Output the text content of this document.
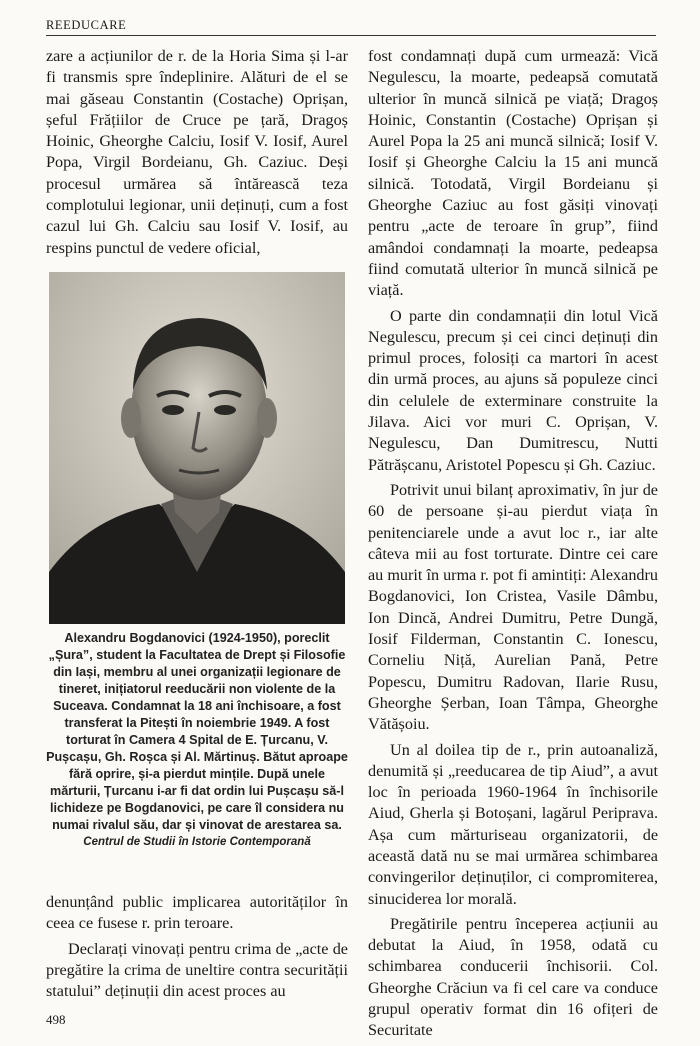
REEDUCARE

zare a acțiunilor de r. de la Horia Sima și l-ar fi transmis spre îndeplinire. Alături de el se mai găseau Constantin (Costache) Oprișan, șeful Frățiilor de Cruce pe țară, Dragoș Hoinic, Gheorghe Calciu, Iosif V. Iosif, Aurel Popa, Virgil Bordeianu, Gh. Caziuc. Deși procesul urmărea să întărească teza complotului legionar, unii deținuți, cum a fost cazul lui Gh. Calciu sau Iosif V. Iosif, au respins punctul de vedere oficial,

Alexandru Bogdanovici (1924-1950), poreclit „Șura”, student la Facultatea de Drept și Filosofie din Iași, membru al unei organizații legionare de tineret, inițiatorul reeducării non violente de la Suceava. Condamnat la 18 ani închisoare, a fost transferat la Pitești în noiembrie 1949. A fost torturat în Camera 4 Spital de E. Țurcanu, V. Pușcașu, Gh. Roșca și Al. Mărtinuș. Bătut aproape fără oprire, și-a pierdut mințile. După unele mărturii, Țurcanu i-ar fi dat ordin lui Pușcașu să-l lichideze pe Bogdanovici, pe care îl considera nu numai rivalul său, dar și vinovat de arestarea sa.
Centrul de Studii în Istorie Contemporană

denunțând public implicarea autorităților în ceea ce fusese r. prin teroare.

Declarați vinovați pentru crima de „acte de pregătire la crima de uneltire contra securității statului” deținuții din acest proces au

fost condamnați după cum urmează: Vică Negulescu, la moarte, pedeapsă comutată ulterior în muncă silnică pe viață; Dragoș Hoinic, Constantin (Costache) Oprișan și Aurel Popa la 25 ani muncă silnică; Iosif V. Iosif și Gheorghe Calciu la 15 ani muncă silnică. Totodată, Virgil Bordeianu și Gheorghe Caziuc au fost găsiți vinovați pentru „acte de teroare în grup”, fiind amândoi condamnați la moarte, pedeapsa fiind comutată ulterior în muncă silnică pe viață.

O parte din condamnații din lotul Vică Negulescu, precum și cei cinci deținuți din primul proces, folosiți ca martori în acest din urmă proces, au ajuns să populeze cinci din celulele de exterminare construite la Jilava. Aici vor muri C. Oprișan, V. Negulescu, Dan Dumitrescu, Nutti Pătrășcanu, Aristotel Popescu și Gh. Caziuc.

Potrivit unui bilanț aproximativ, în jur de 60 de persoane și-au pierdut viața în penitenciarele unde a avut loc r., iar alte câteva mii au fost torturate. Dintre cei care au murit în urma r. pot fi amintiți: Alexandru Bogdanovici, Ion Cristea, Vasile Dâmbu, Ion Dincă, Andrei Dumitru, Petre Dungă, Iosif Filderman, Constantin C. Ionescu, Corneliu Niță, Aurelian Pană, Petre Popescu, Dumitru Radovan, Ilarie Rusu, Gheorghe Șerban, Ioan Tâmpa, Gheorghe Vătășoiu.

Un al doilea tip de r., prin autoanaliză, denumită și „reeducarea de tip Aiud”, a avut loc în perioada 1960-1964 în închisorile Aiud, Gherla și Botoșani, lagărul Periprava. Așa cum mărturiseau organizatorii, de această dată nu se mai urmărea schimbarea convingerilor deținuților, ci compromiterea, sinuciderea lor morală.

Pregătirile pentru începerea acțiunii au debutat la Aiud, în 1958, odată cu schimbarea conducerii închisorii. Col. Gheorghe Crăciun va fi cel care va conduce grupul operativ format din 16 ofițeri de Securitate

498
